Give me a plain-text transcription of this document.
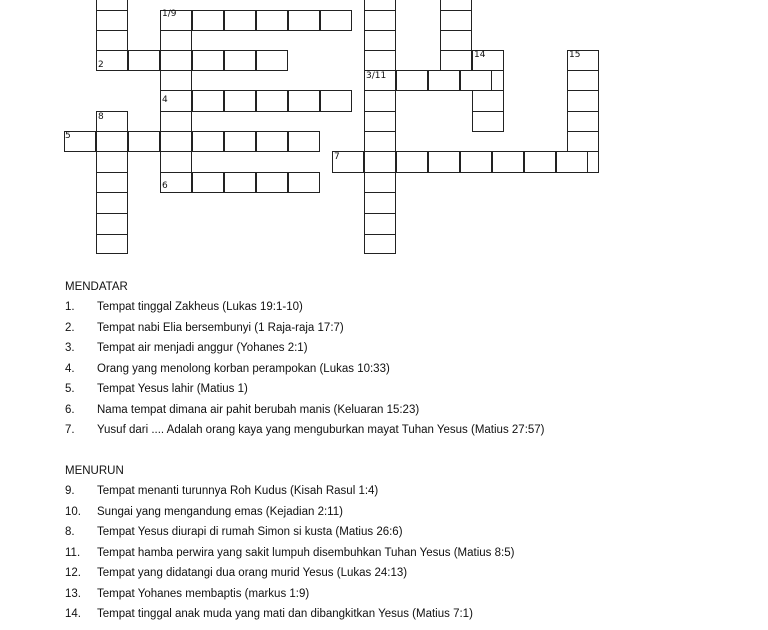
1/9
2
3/11
4
5
6
7
8
14	15
MENDATAR
1. Tempat tinggal Zakheus (Lukas 19:1-10)
2. Tempat nabi Elia bersembunyi (1 Raja-raja 17:7)
3. Tempat air menjadi anggur (Yohanes 2:1)
4. Orang yang menolong korban perampokan (Lukas 10:33)
5. Tempat Yesus lahir (Matius 1)
6. Nama tempat dimana air pahit berubah manis (Keluaran 15:23)
7. Yusuf dari .... Adalah orang kaya yang menguburkan mayat Tuhan Yesus (Matius 27:57)
MENURUN
9. Tempat menanti turunnya Roh Kudus (Kisah Rasul 1:4)
10. Sungai yang mengandung emas (Kejadian 2:11)
8. Tempat Yesus diurapi di rumah Simon si kusta (Matius 26:6)
11. Tempat hamba perwira yang sakit lumpuh disembuhkan Tuhan Yesus (Matius 8:5)
12. Tempat yang didatangi dua orang murid Yesus (Lukas 24:13)
13. Tempat Yohanes membaptis (markus 1:9)
14. Tempat tinggal anak muda yang mati dan dibangkitkan Yesus (Matius 7:1)
